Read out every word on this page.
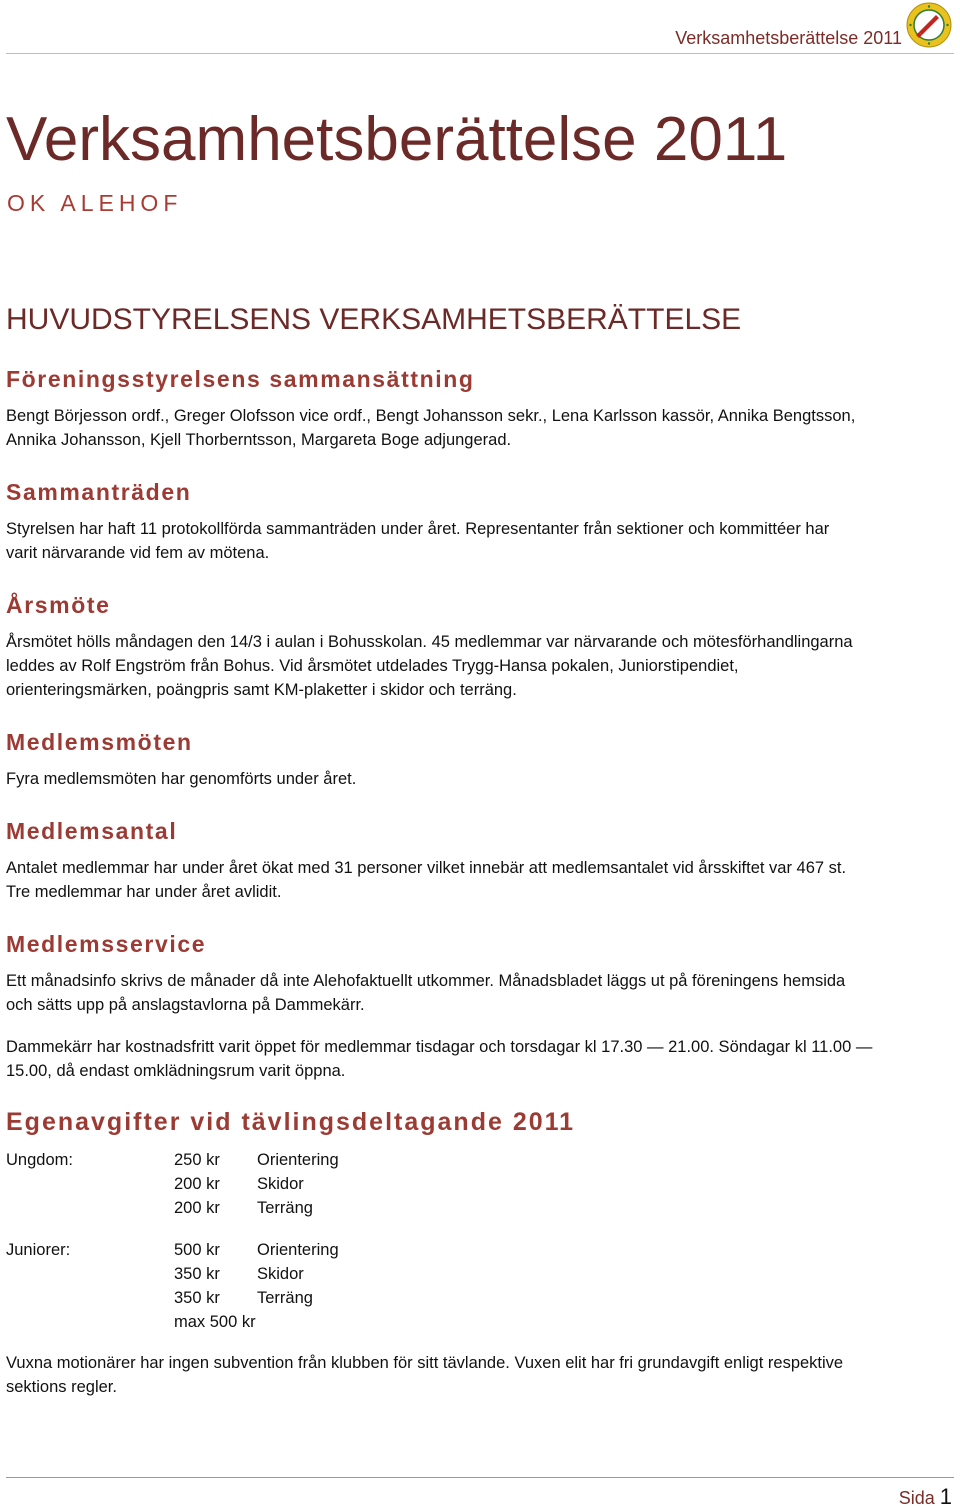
Verksamhetsberättelse 2011
Verksamhetsberättelse 2011
OK ALEHOF
HUVUDSTYRELSENS VERKSAMHETSBERÄTTELSE
Föreningsstyrelsens sammansättning

Bengt Börjesson ordf., Greger Olofsson vice ordf., Bengt Johansson sekr., Lena Karlsson kassör, Annika Bengtsson,
Annika Johansson, Kjell Thorberntsson, Margareta Boge adjungerad.

Sammanträden

Styrelsen har haft 11 protokollförda sammanträden under året. Representanter från sektioner och kommittéer har
varit närvarande vid fem av mötena.

Årsmöte

Årsmötet hölls måndagen den 14/3 i aulan i Bohusskolan. 45 medlemmar var närvarande och mötesförhandlingarna
leddes av Rolf Engström från Bohus. Vid årsmötet utdelades Trygg-Hansa pokalen, Juniorstipendiet,
orienteringsmärken, poängpris samt KM-plaketter i skidor och terräng.

Medlemsmöten

Fyra medlemsmöten har genomförts under året.

Medlemsantal

Antalet medlemmar har under året ökat med 31 personer vilket innebär att medlemsantalet vid årsskiftet var 467 st.
Tre medlemmar har under året avlidit.

Medlemsservice

Ett månadsinfo skrivs de månader då inte Alehofaktuellt utkommer. Månadsbladet läggs ut på föreningens hemsida
och sätts upp på anslagstavlorna på Dammekärr.

Dammekärr har kostnadsfritt varit öppet för medlemmar tisdagar och torsdagar kl 17.30 — 21.00. Söndagar kl 11.00 —
15.00, då endast omklädningsrum varit öppna.

Egenavgifter vid tävlingsdeltagande 2011
Ungdom:	250 kr Orientering
200 kr Skidor
200 kr Terräng
Juniorer:	500 kr Orientering
350 kr Skidor
350 kr Terräng
max 500 kr

Vuxna motionärer har ingen subvention från klubben för sitt tävlande. Vuxen elit har fri grundavgift enligt respektive
sektions regler.

Sida 1
